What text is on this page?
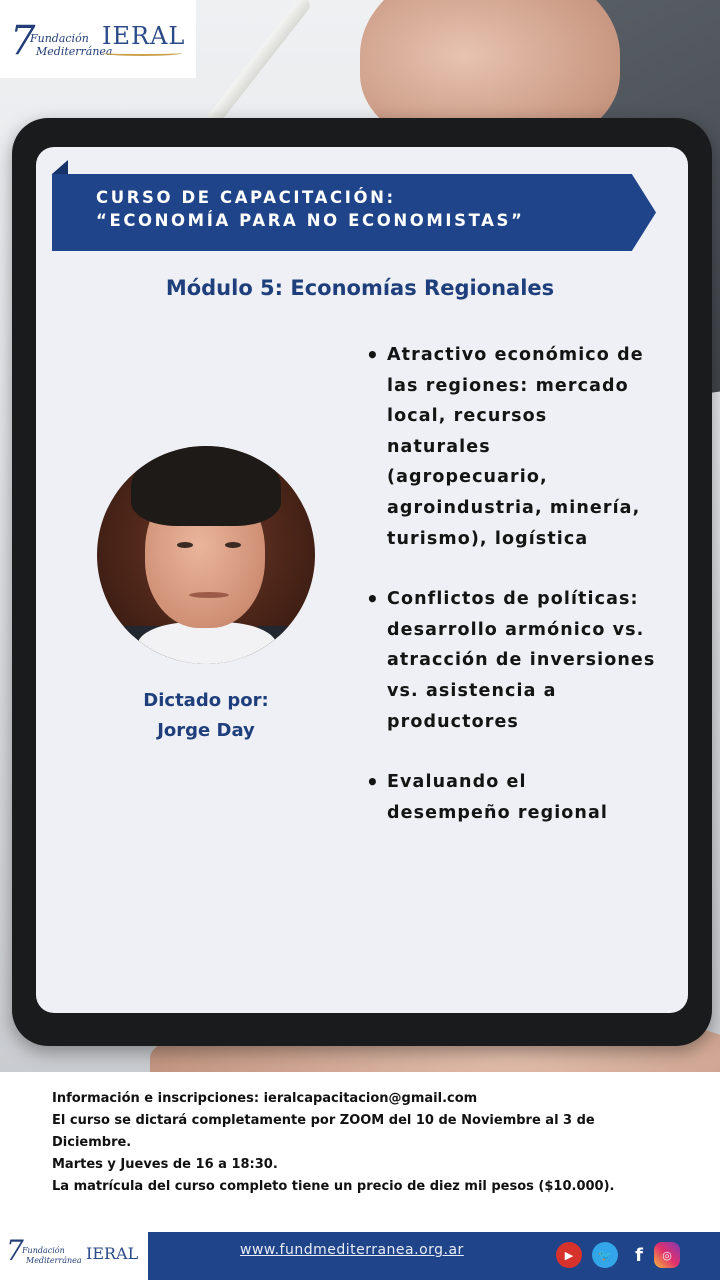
7
Fundación
Mediterránea
IERAL
CURSO DE CAPACITACIÓN:
“ECONOMÍA PARA NO ECONOMISTAS”
Módulo 5: Economías Regionales
Dictado por:
Jorge Day
• Atractivo económico de las regiones: mercado local, recursos naturales (agropecuario, agroindustria, minería, turismo), logística
• Conflictos de políticas: desarrollo armónico vs. atracción de inversiones vs. asistencia a productores
• Evaluando el desempeño regional

Información e inscripciones: ieralcapacitacion@gmail.com

El curso se dictará completamente por ZOOM del 10 de Noviembre al 3 de Diciembre.

Martes y Jueves de 16 a 18:30.

La matrícula del curso completo tiene un precio de diez mil pesos ($10.000).

7
Fundación
Mediterránea IERAL	www.fundmediterranea.org.ar	▶	🐦	f	◎
